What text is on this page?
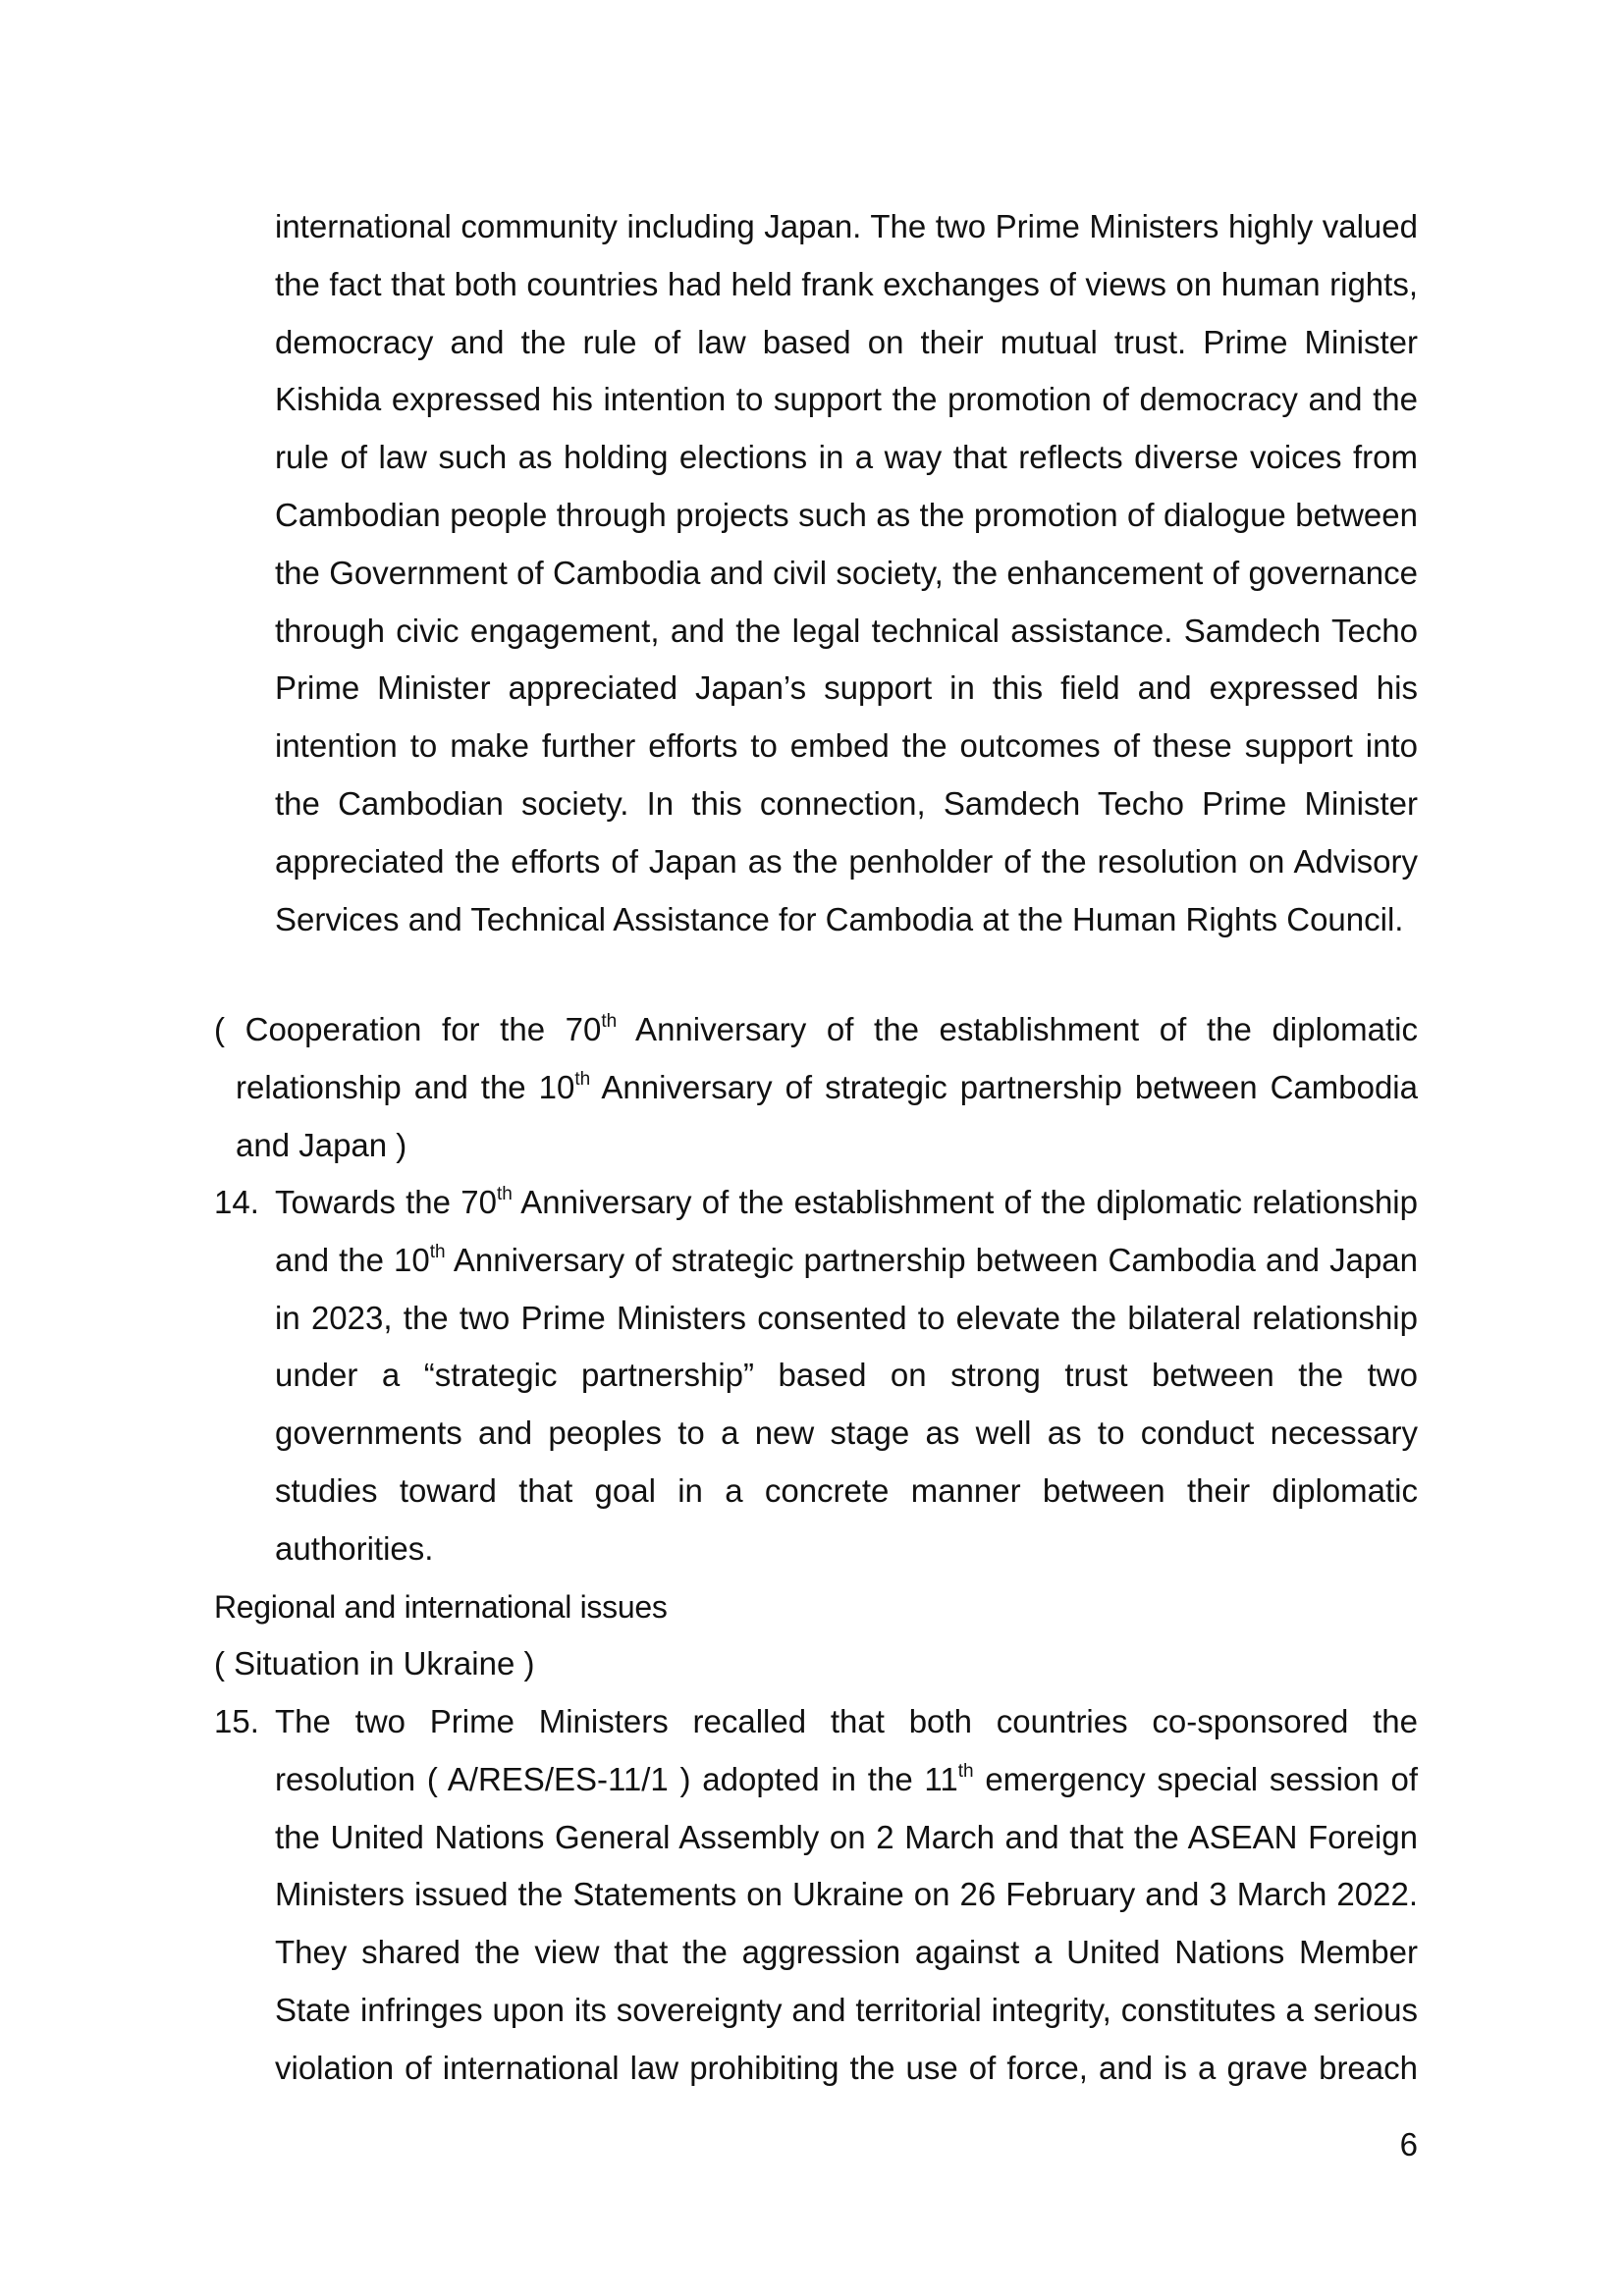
international community including Japan. The two Prime Ministers highly valued the fact that both countries had held frank exchanges of views on human rights, democracy and the rule of law based on their mutual trust. Prime Minister Kishida expressed his intention to support the promotion of democracy and the rule of law such as holding elections in a way that reflects diverse voices from Cambodian people through projects such as the promotion of dialogue between the Government of Cambodia and civil society, the enhancement of governance through civic engagement, and the legal technical assistance. Samdech Techo Prime Minister appreciated Japan’s support in this field and expressed his intention to make further efforts to embed the outcomes of these support into the Cambodian society. In this connection, Samdech Techo Prime Minister appreciated the efforts of Japan as the penholder of the resolution on Advisory Services and Technical Assistance for Cambodia at the Human Rights Council.
( Cooperation for the 70th Anniversary of the establishment of the diplomatic
relationship and the 10th Anniversary of strategic partnership between Cambodia and Japan )
14. Towards the 70th Anniversary of the establishment of the diplomatic relationship and the 10th Anniversary of strategic partnership between Cambodia and Japan in 2023, the two Prime Ministers consented to elevate the bilateral relationship under a “strategic partnership” based on strong trust between the two governments and peoples to a new stage as well as to conduct necessary studies toward that goal in a concrete manner between their diplomatic authorities.
Regional and international issues
( Situation in Ukraine )
15. The two Prime Ministers recalled that both countries co-sponsored the resolution ( A/RES/ES-11/1 ) adopted in the 11th emergency special session of the United Nations General Assembly on 2 March and that the ASEAN Foreign Ministers issued the Statements on Ukraine on 26 February and 3 March 2022. They shared the view that the aggression against a United Nations Member State infringes upon its sovereignty and territorial integrity, constitutes a serious violation of international law prohibiting the use of force, and is a grave breach
6
